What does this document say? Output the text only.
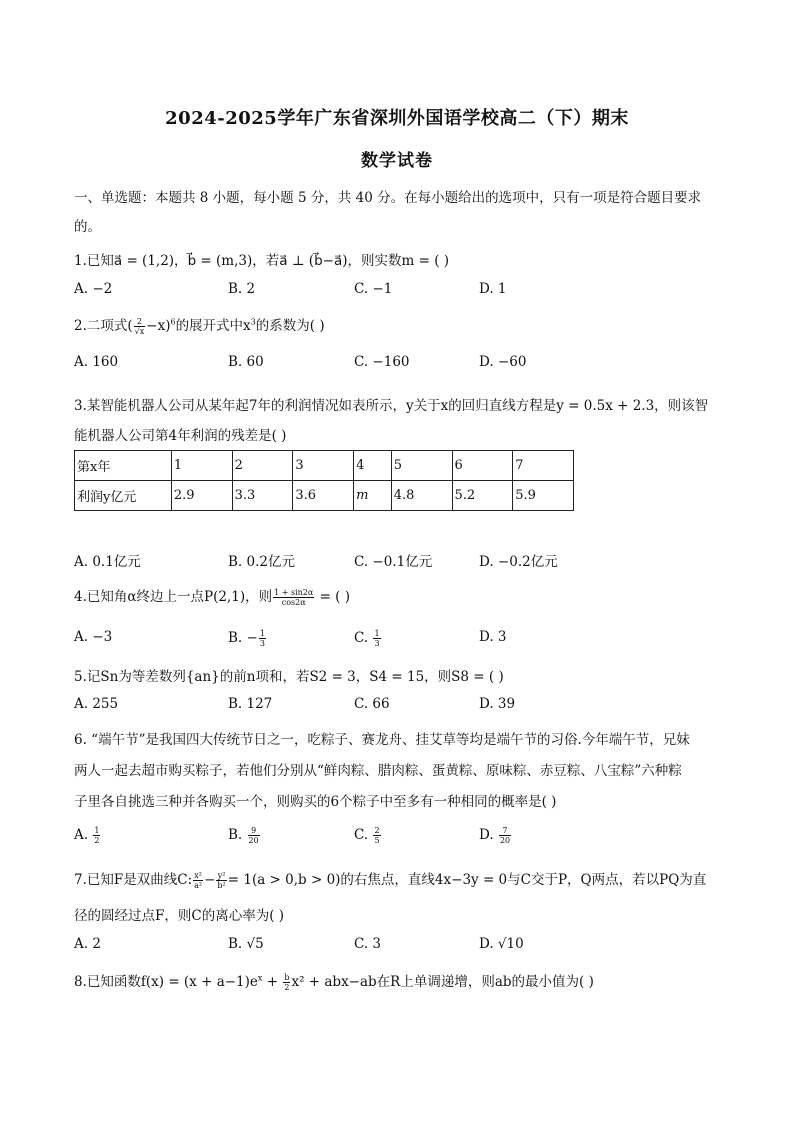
2024-2025学年广东省深圳外国语学校高二（下）期末
数学试卷
一、单选题：本题共 8 小题，每小题 5 分，共 40 分。在每小题给出的选项中，只有一项是符合题目要求
的。
1.已知a⃗ = (1,2)，b⃗ = (m,3)，若a⃗ ⊥ (b⃗−a⃗)，则实数m = ( )
A. −2	B. 2	C. −1	D. 1
2.二项式( $\frac{2}{√x} -x)^6$的展开式中$x^3$的系数为( )
A. 160	B. 60	C. −160	D. −60
3.某智能机器人公司从某年起7年的利润情况如表所示，y关于x的回归直线方程是y = 0.5x + 2.3，则该智
能机器人公司第4年利润的残差是( )
第x年	1	2	3	4	5	6	7
利润y亿元	2.9	3.3	3.6	m	4.8	5.2	5.9
A. 0.1亿元	B. 0.2亿元	C. −0.1亿元	D. −0.2亿元
4.已知角α终边上一点P(2,1)，则 $\frac{1 + \sin 2\alpha}{\cos 2\alpha}$ = ( )
A. −3	B. − $\frac{1}{3}$	C. $\frac{1}{3}$	D. 3
5.记Sn为等差数列{an}的前n项和，若S2 = 3，S4 = 15，则S8 = ( )
A. 255	B. 127	C. 66	D. 39
6. “端午节”是我国四大传统节日之一，吃粽子、赛龙舟、挂艾草等均是端午节的习俗.今年端午节，兄妹
两人一起去超市购买粽子，若他们分别从“鲜肉粽、腊肉粽、蛋黄粽、原味粽、赤豆粽、八宝粽”六种粽
子里各自挑选三种并各购买一个，则购买的6个粽子中至多有一种相同的概率是( )
A. $\frac{1}{2}$	B. $\frac{9}{20}$	C. $\frac{2}{5}$	D. $\frac{7}{20}$
7.已知F是双曲线C: $\frac{\text{x²}}{\text{a²}} - \frac{\text{y²}}{\text{b²}} = 1(a > 0,b > 0)$的右焦点，直线4x−3y = 0与C交于P，Q两点，若以PQ为直
径的圆经过点F，则C的离心率为( )
A. 2	B. √5	C. 3	D. √10
8.已知函数$f(x) = (x + a-1)e^x + \frac{b}{2} x^2 + abx-ab$在R上单调递增，则ab的最小值为( )
